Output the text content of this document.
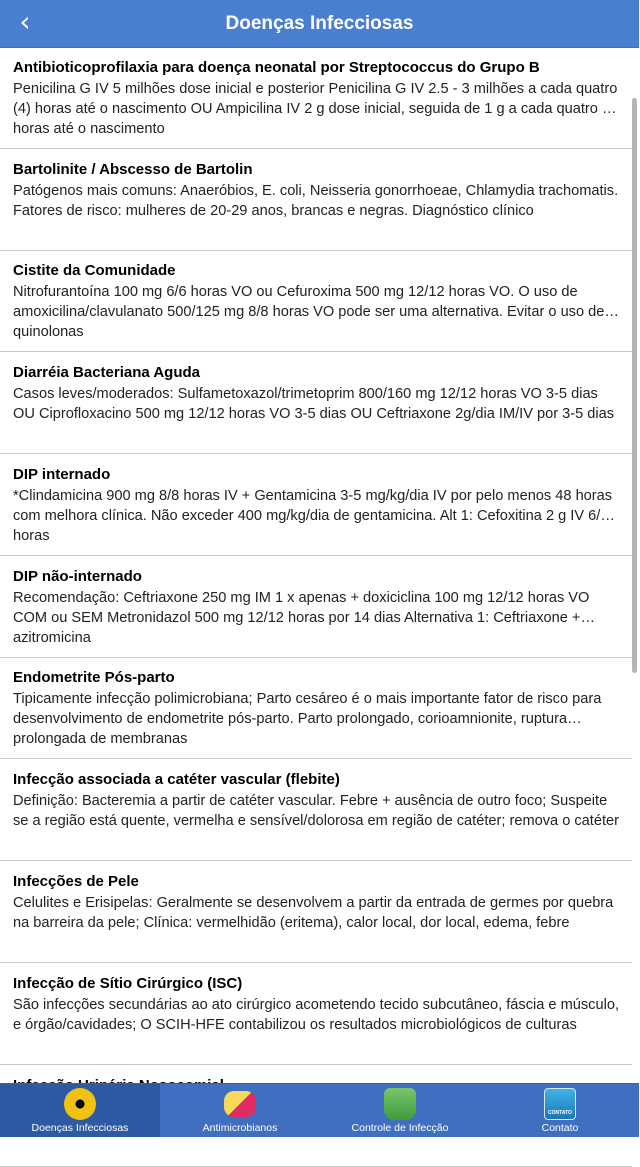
‹	Doenças Infecciosas
Antibioticoprofilaxia para doença neonatal por Streptococcus do Grupo B
Penicilina G IV 5 milhões dose inicial e posterior Penicilina G IV 2.5 - 3 milhões a cada quatro (4) horas até o nascimento OU Ampicilina IV 2 g dose inicial, seguida de 1 g a cada quatro (4) horas até o nascimento
Bartolinite / Abscesso de Bartolin
Patógenos mais comuns: Anaeróbios, E. coli, Neisseria gonorrhoeae, Chlamydia trachomatis. Fatores de risco: mulheres de 20-29 anos, brancas e negras. Diagnóstico clínico
Cistite da Comunidade
Nitrofurantoína 100 mg 6/6 horas VO ou Cefuroxima 500 mg 12/12 horas VO. O uso de amoxicilina/clavulanato 500/125 mg 8/8 horas VO pode ser uma alternativa. Evitar o uso de quinolonas
Diarréia Bacteriana Aguda
Casos leves/moderados: Sulfametoxazol/trimetoprim 800/160 mg 12/12 horas VO 3-5 dias OU Ciprofloxacino 500 mg 12/12 horas VO 3-5 dias OU Ceftriaxone 2g/dia IM/IV por 3-5 dias
DIP internado
*Clindamicina 900 mg 8/8 horas IV + Gentamicina 3-5 mg/kg/dia IV por pelo menos 48 horas com melhora clínica. Não exceder 400 mg/kg/dia de gentamicina. Alt 1: Cefoxitina 2 g IV 6/6 horas
DIP não-internado
Recomendação: Ceftriaxone 250 mg IM 1 x apenas + doxiciclina 100 mg 12/12 horas VO COM ou SEM Metronidazol 500 mg 12/12 horas por 14 dias Alternativa 1: Ceftriaxone + azitromicina
Endometrite Pós-parto
Tipicamente infecção polimicrobiana; Parto cesáreo é o mais importante fator de risco para desenvolvimento de endometrite pós-parto. Parto prolongado, corioamnionite, ruptura prolongada de membranas
Infecção associada a catéter vascular (flebite)
Definição: Bacteremia a partir de catéter vascular. Febre + ausência de outro foco; Suspeite se a região está quente, vermelha e sensível/dolorosa em região de catéter; remova o catéter
Infecções de Pele
Celulites e Erisipelas: Geralmente se desenvolvem a partir da entrada de germes por quebra na barreira da pele; Clínica: vermelhidão (eritema), calor local, dor local, edema, febre
Infecção de Sítio Cirúrgico (ISC)
São infecções secundárias ao ato cirúrgico acometendo tecido subcutâneo, fáscia e músculo, e órgão/cavidades; O SCIH-HFE contabilizou os resultados microbiológicos de culturas
Doenças Infecciosas	Antimicrobianos	Controle de Infecção
CONTATO
Contato
